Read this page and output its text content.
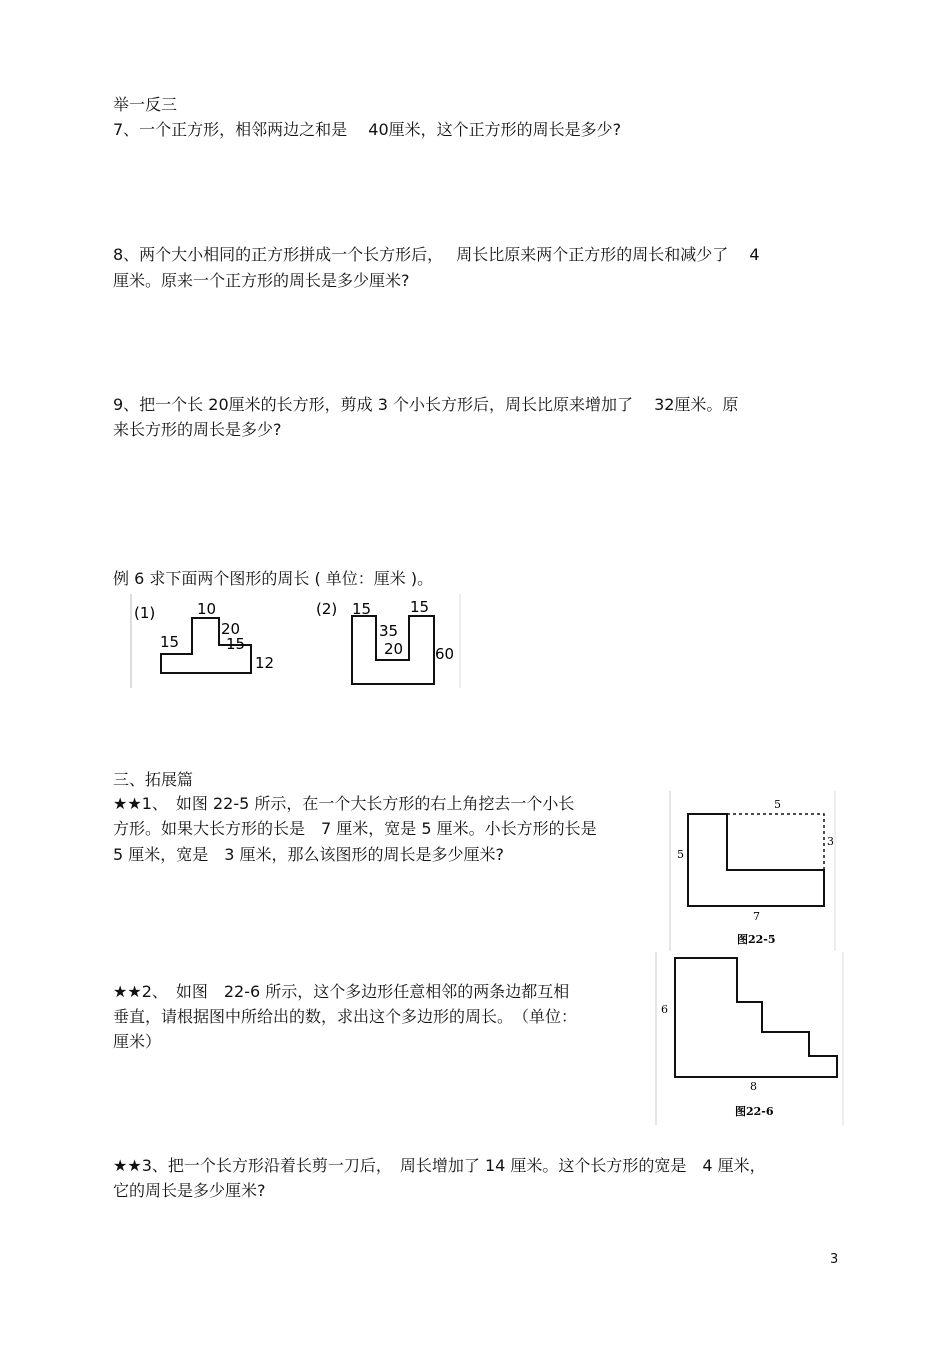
举一反三
7、一个正方形，相邻两边之和是　 40厘米，这个正方形的周长是多少?
8、两个大小相同的正方形拼成一个长方形后，　 周长比原来两个正方形的周长和减少了　 4
厘米。原来一个正方形的周长是多少厘米?
9、把一个长 20厘米的长方形，剪成 3 个小长方形后，周长比原来增加了　 32厘米。原
来长方形的周长是多少?
例 6 求下面两个图形的周长 ( 单位：厘米 )。
(1)	10
15
20
15
12
(2) 15	15
35
20 60
三、拓展篇
★★1、　如图 22-5 所示，在一个大长方形的右上角挖去一个小长
方形。如果大长方形的长是　7 厘米，宽是 5 厘米。小长方形的长是
5 厘米，宽是　3 厘米，那么该图形的周长是多少厘米?
5
3
5
7
图22-5
★★2、　如图　22-6 所示，这个多边形任意相邻的两条边都互相
垂直，请根据图中所给出的数，求出这个多边形的周长。　（单位：
厘米）
6
8
图22-6
★★3、把一个长方形沿着长剪一刀后，　周长增加了 14 厘米。这个长方形的宽是　4 厘米，
它的周长是多少厘米?
3
